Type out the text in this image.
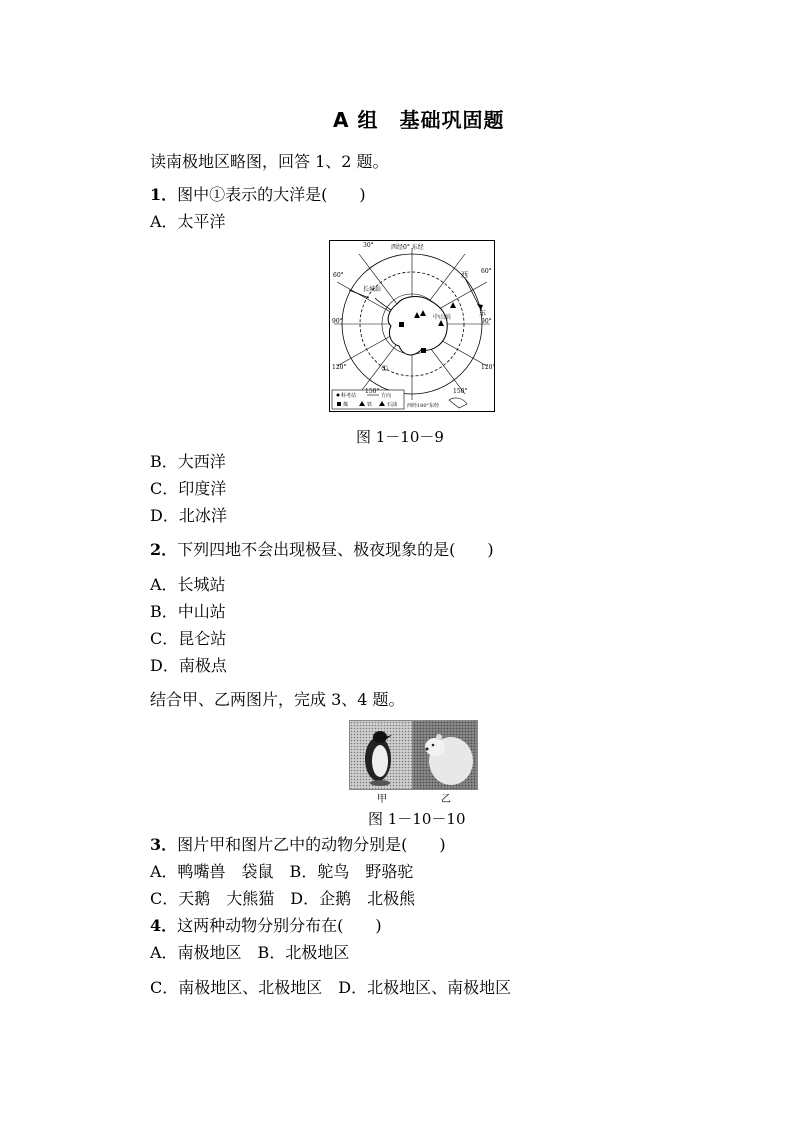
A 组　基础巩固题
读南极地区略图，回答 1、2 题。
1．图中①表示的大洋是(　　)
A．太平洋
西经0° 东经
30°
60°
60°
90°	90°
120°	120°
150°	150°
西
东
长城站
中山站
①
西经180°东经
科考站	方向
煤	铁	石油
图 1－10－9
B．大西洋
C．印度洋
D．北冰洋
2．下列四地不会出现极昼、极夜现象的是(　　)
A．长城站
B．中山站
C．昆仑站
D．南极点
结合甲、乙两图片，完成 3、4 题。
甲	乙
图 1－10－10
3．图片甲和图片乙中的动物分别是(　　)
A．鸭嘴兽　袋鼠　B．鸵鸟　野骆驼
C．天鹅　大熊猫　D．企鹅　北极熊
4．这两种动物分别分布在(　　)
A．南极地区　B．北极地区
C．南极地区、北极地区　D．北极地区、南极地区
